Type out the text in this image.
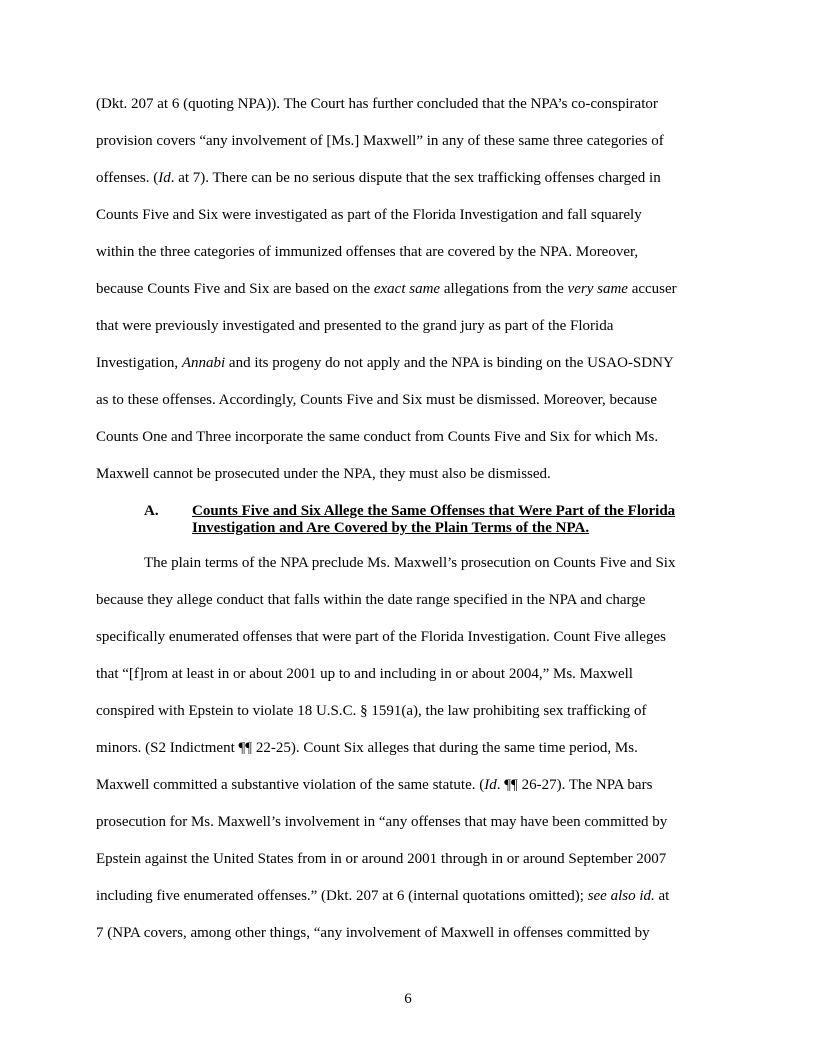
(Dkt. 207 at 6 (quoting NPA)). The Court has further concluded that the NPA’s co-conspirator

provision covers “any involvement of [Ms.] Maxwell” in any of these same three categories of

offenses. (Id. at 7). There can be no serious dispute that the sex trafficking offenses charged in

Counts Five and Six were investigated as part of the Florida Investigation and fall squarely

within the three categories of immunized offenses that are covered by the NPA. Moreover,

because Counts Five and Six are based on the exact same allegations from the very same accuser

that were previously investigated and presented to the grand jury as part of the Florida

Investigation, Annabi and its progeny do not apply and the NPA is binding on the USAO-SDNY

as to these offenses. Accordingly, Counts Five and Six must be dismissed. Moreover, because

Counts One and Three incorporate the same conduct from Counts Five and Six for which Ms.

Maxwell cannot be prosecuted under the NPA, they must also be dismissed.

A. Counts Five and Six Allege the Same Offenses that Were Part of the Florida
Investigation and Are Covered by the Plain Terms of the NPA.

The plain terms of the NPA preclude Ms. Maxwell’s prosecution on Counts Five and Six

because they allege conduct that falls within the date range specified in the NPA and charge

specifically enumerated offenses that were part of the Florida Investigation. Count Five alleges

that “[f]rom at least in or about 2001 up to and including in or about 2004,” Ms. Maxwell

conspired with Epstein to violate 18 U.S.C. § 1591(a), the law prohibiting sex trafficking of

minors. (S2 Indictment ¶¶ 22-25). Count Six alleges that during the same time period, Ms.

Maxwell committed a substantive violation of the same statute. (Id. ¶¶ 26-27). The NPA bars

prosecution for Ms. Maxwell’s involvement in “any offenses that may have been committed by

Epstein against the United States from in or around 2001 through in or around September 2007

including five enumerated offenses.” (Dkt. 207 at 6 (internal quotations omitted); see also id. at

7 (NPA covers, among other things, “any involvement of Maxwell in offenses committed by

6
